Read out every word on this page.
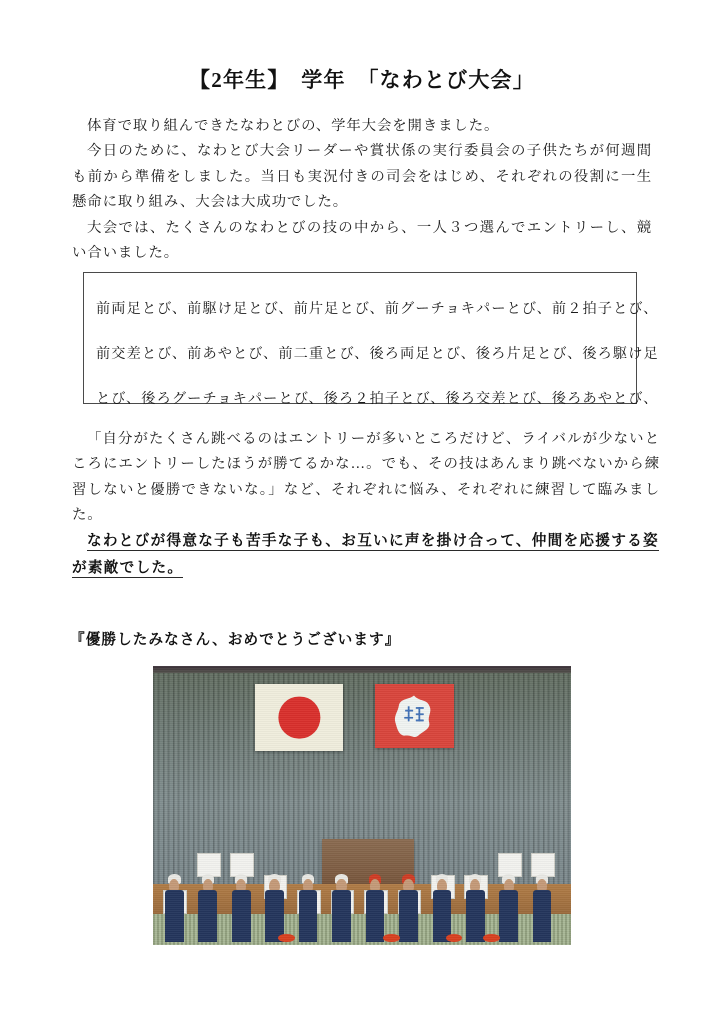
【2年生】　学年　「なわとび大会」

体育で取り組んできたなわとびの、学年大会を開きました。

今日のために、なわとび大会リーダーや賞状係の実行委員会の子供たちが何週間も前から準備をしました。当日も実況付きの司会をはじめ、それぞれの役割に一生懸命に取り組み、大会は大成功でした。

大会では、たくさんのなわとびの技の中から、一人３つ選んでエントリーし、競い合いました。

前両足とび、前駆け足とび、前片足とび、前グーチョキパーとび、前２拍子とび、

前交差とび、前あやとび、前二重とび、後ろ両足とび、後ろ片足とび、後ろ駆け足

とび、後ろグーチョキパーとび、後ろ２拍子とび、後ろ交差とび、後ろあやとび、

「自分がたくさん跳べるのはエントリーが多いところだけど、ライバルが少ないところにエントリーしたほうが勝てるかな…。でも、その技はあんまり跳べないから練習しないと優勝できないな。」など、それぞれに悩み、それぞれに練習して臨みました。

なわとびが得意な子も苦手な子も、お互いに声を掛け合って、仲間を応援する姿が素敵でした。

『優勝したみなさん、おめでとうございます』
